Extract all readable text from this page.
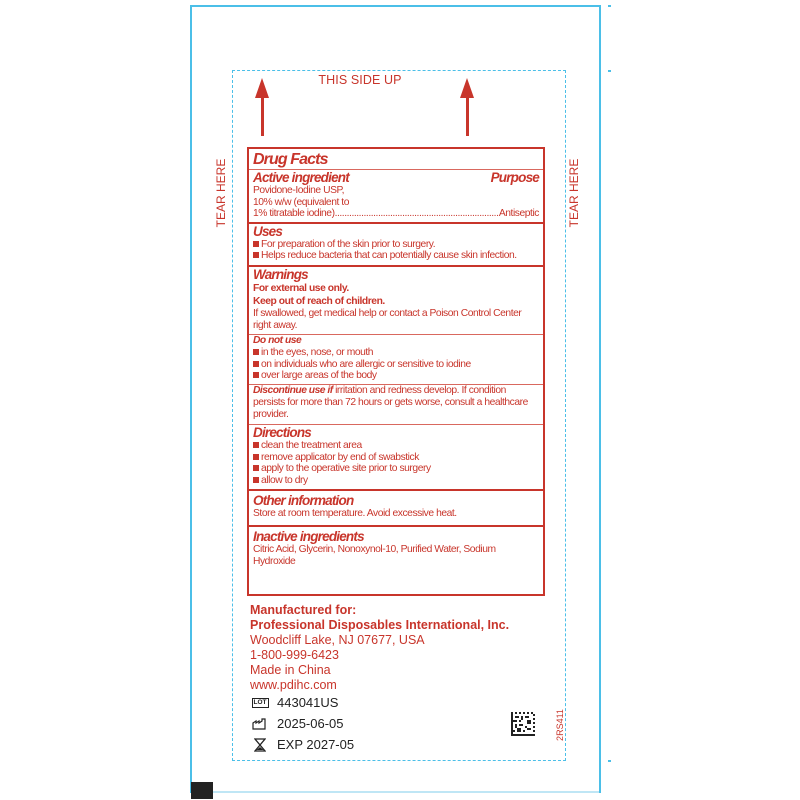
THIS SIDE UP
TEAR HERE	TEAR HERE
Drug Facts
Active ingredient	Purpose
Povidone-Iodine USP,
10% w/w (equivalent to
1% titratable iodine) .....	Antiseptic
Uses
For preparation of the skin prior to surgery.
Helps reduce bacteria that can potentially cause skin infection.
Warnings
For external use only.
Keep out of reach of children.
If swallowed, get medical help or contact a Poison Control Center right away.
Do not use
in the eyes, nose, or mouth
on individuals who are allergic or sensitive to iodine
over large areas of the body
Discontinue use if irritation and redness develop. If condition persists for more than 72 hours or gets worse, consult a healthcare provider.
Directions
clean the treatment area
remove applicator by end of swabstick
apply to the operative site prior to surgery
allow to dry
Other information
Store at room temperature. Avoid excessive heat.
Inactive ingredients
Citric Acid, Glycerin, Nonoxynol-10, Purified Water, Sodium Hydroxide
Manufactured for:
Professional Disposables International, Inc.
Woodcliff Lake, NJ 07677, USA
1-800-999-6423
Made in China
www.pdihc.com
LOT 443041US
2025-06-05
EXP 2027-05
2RS411
